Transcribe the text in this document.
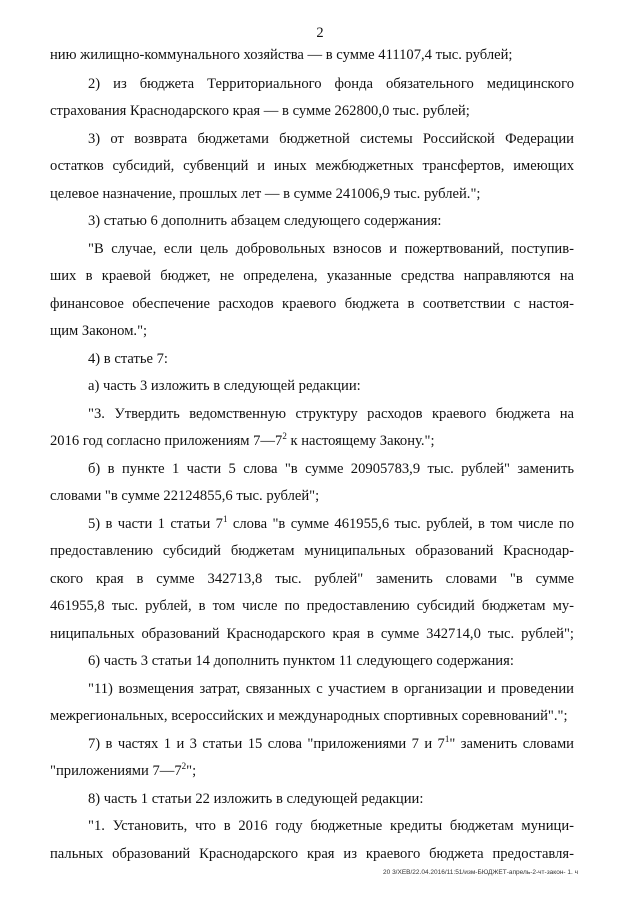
2
нию жилищно-коммунального хозяйства — в сумме 411107,4 тыс. рублей;
2) из бюджета Территориального фонда обязательного медицинского
страхования Краснодарского края — в сумме 262800,0 тыс. рублей;
3) от возврата бюджетами бюджетной системы Российской Федерации
остатков субсидий, субвенций и иных межбюджетных трансфертов, имеющих
целевое назначение, прошлых лет — в сумме 241006,9 тыс. рублей.";
3) статью 6 дополнить абзацем следующего содержания:
"В случае, если цель добровольных взносов и пожертвований, поступив-
ших в краевой бюджет, не определена, указанные средства направляются на
финансовое обеспечение расходов краевого бюджета в соответствии с настоя-
щим Законом.";
4) в статье 7:
а) часть 3 изложить в следующей редакции:
"3. Утвердить ведомственную структуру расходов краевого бюджета на
2016 год согласно приложениям $7—7^2$ к настоящему Закону.";
б) в пункте 1 части 5 слова "в сумме 20905783,9 тыс. рублей" заменить
словами "в сумме 22124855,6 тыс. рублей";
5) в части 1 статьи $7^1$ слова "в сумме 461955,6 тыс. рублей, в том числе по
предоставлению субсидий бюджетам муниципальных образований Краснодар-
ского края в сумме 342713,8 тыс. рублей" заменить словами "в сумме
461955,8 тыс. рублей, в том числе по предоставлению субсидий бюджетам му-
ниципальных образований Краснодарского края в сумме 342714,0 тыс. рублей";
6) часть 3 статьи 14 дополнить пунктом 11 следующего содержания:
"11) возмещения затрат, связанных с участием в организации и проведении
межрегиональных, всероссийских и международных спортивных соревнований".";
7) в частях 1 и 3 статьи 15 слова "приложениями 7 и $7^1$" заменить словами
"приложениями $7—7^2$";
8) часть 1 статьи 22 изложить в следующей редакции:
"1. Установить, что в 2016 году бюджетные кредиты бюджетам муници-
пальных образований Краснодарского края из краевого бюджета предоставля-
20 3/ХЕВ/22.04.2016/11:51/изм-БЮДЖЕТ-апрель-2-чт-закон- 1. ч
